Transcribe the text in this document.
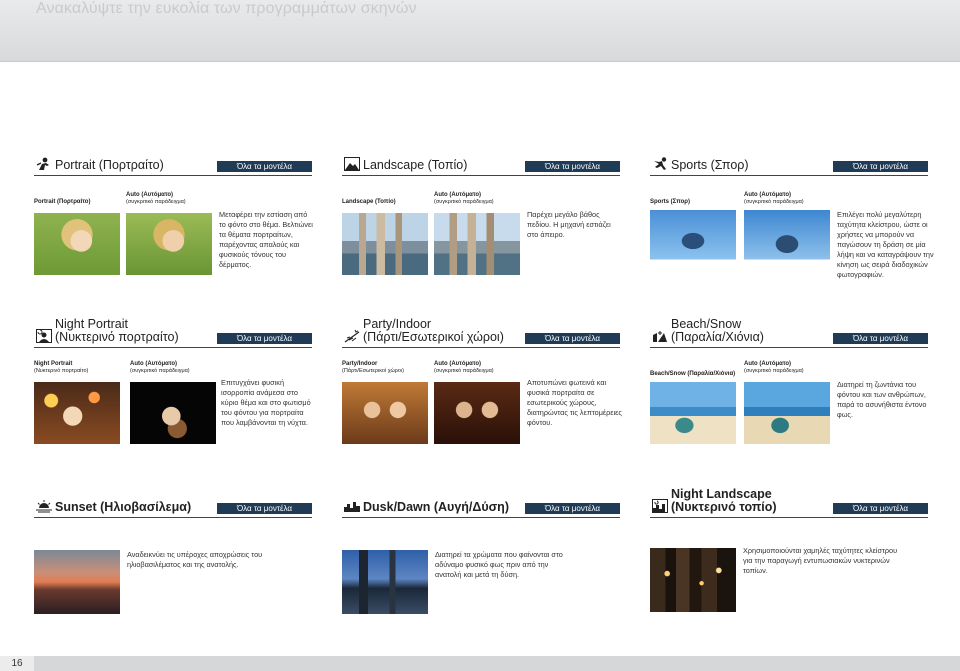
Ανακαλύψτε την ευκολία των προγραμμάτων σκηνών
Portrait (Πορτραίτο)	Όλα τα μοντέλα
Portrait (Πορτραίτο)
Auto (Αυτόματο)
(συγκριτικό παράδειγμα)

Μεταφέρει την εστίαση από το φόντο στο θέμα. Βελτιώνει τα θέματα πορτραίτων, παρέχοντας απαλούς και φυσικούς τόνους του δέρματος.

Landscape (Τοπίο)	Όλα τα μοντέλα
Landscape (Τοπίο)
Auto (Αυτόματο)
(συγκριτικό παράδειγμα)

Παρέχει μεγάλο βάθος πεδίου. Η μηχανή εστιάζει στο άπειρο.

Sports (Σπορ)	Όλα τα μοντέλα
Sports (Σπορ)
Auto (Αυτόματο)
(συγκριτικό παράδειγμα)

Επιλέγει πολύ μεγαλύτερη ταχύτητα κλείστρου, ώστε οι χρήστες να μπορούν να παγώσουν τη δράση σε μία λήψη και να καταγράψουν την κίνηση ως σειρά διαδοχικών φωτογραφιών.

Night Portrait
(Νυκτερινό πορτραίτο)	Όλα τα μοντέλα
Night Portrait
(Νυκτερινό πορτραίτο)
Auto (Αυτόματο)
(συγκριτικό παράδειγμα)

Επιτυγχάνει φυσική ισορροπία ανάμεσα στο κύριο θέμα και στο φωτισμό του φόντου για πορτραίτα που λαμβάνονται τη νύχτα.

Party/Indoor
(Πάρτι/Εσωτερικοί χώροι)	Όλα τα μοντέλα
Party/Indoor
(Πάρτι/Εσωτερικοί χώροι)
Auto (Αυτόματο)
(συγκριτικό παράδειγμα)

Αποτυπώνει φωτεινά και φυσικά πορτραίτα σε εσωτερικούς χώρους, διατηρώντας τις λεπτομέρειες φόντου.

Beach/Snow
(Παραλία/Χιόνια)	Όλα τα μοντέλα
Beach/Snow (Παραλία/Χιόνια)
Auto (Αυτόματο)
(συγκριτικό παράδειγμα)

Διατηρεί τη ζωντάνια του φόντου και των ανθρώπων, παρά το ασυνήθιστα έντονο φως.

Sunset (Ηλιοβασίλεμα)	Όλα τα μοντέλα

Αναδεικνύει τις υπέροχες αποχρώσεις του ηλιοβασιλέματος και της ανατολής.

Dusk/Dawn (Αυγή/Δύση)	Όλα τα μοντέλα

Διατηρεί τα χρώματα που φαίνονται στο αδύναμο φυσικό φως πριν από την ανατολή και μετά τη δύση.

Night Landscape
(Νυκτερινό τοπίο)	Όλα τα μοντέλα

Χρησιμοποιούνται χαμηλές ταχύτητες κλείστρου για την παραγωγή εντυπωσιακών νυκτερινών τοπίων.

16
